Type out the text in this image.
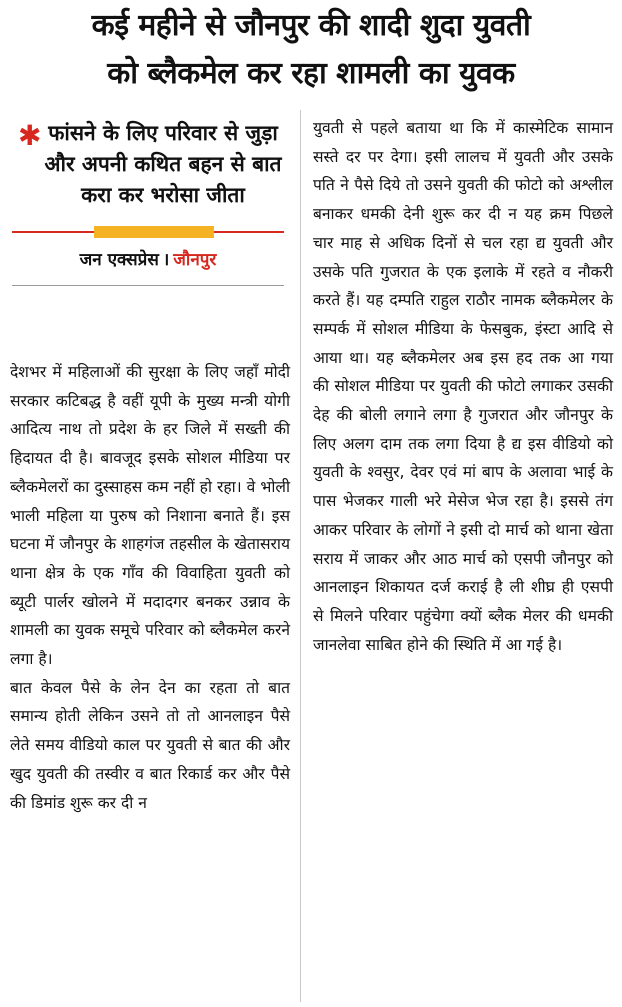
कई महीने से जौनपुर की शादी शुदा युवती
को ब्लैकमेल कर रहा शामली का युवक
✱ फांसने के लिए परिवार से जुड़ा और अपनी कथित बहन से बात करा कर भरोसा जीता
जन एक्सप्रेस । जौनपुर

देशभर में महिलाओं की सुरक्षा के लिए जहाँ मोदी सरकार कटिबद्ध है वहीं यूपी के मुख्य मन्त्री योगी आदित्य नाथ तो प्रदेश के हर जिले में सख्ती की हिदायत दी है। बावजूद इसके सोशल मीडिया पर ब्लैकमेलरों का दुस्साहस कम नहीं हो रहा। वे भोली भाली महिला या पुरुष को निशाना बनाते हैं। इस घटना में जौनपुर के शाहगंज तहसील के खेतासराय थाना क्षेत्र के एक गाँव की विवाहिता युवती को ब्यूटी पार्लर खोलने में मदादगर बनकर उन्नाव के शामली का युवक समूचे परिवार को ब्लैकमेल करने लगा है।

बात केवल पैसे के लेन देन का रहता तो बात समान्य होती लेकिन उसने तो तो आनलाइन पैसे लेते समय वीडियो काल पर युवती से बात की और खुद युवती की तस्वीर व बात रिकार्ड कर और पैसे की डिमांड शुरू कर दी न

युवती से पहले बताया था कि में कास्मेटिक सामान सस्ते दर पर देगा। इसी लालच में युवती और उसके पति ने पैसे दिये तो उसने युवती की फोटो को अश्लील बनाकर धमकी देनी शुरू कर दी न यह क्रम पिछले चार माह से अधिक दिनों से चल रहा द्य युवती और उसके पति गुजरात के एक इलाके में रहते व नौकरी करते हैं। यह दम्पति राहुल राठौर नामक ब्लैकमेलर के सम्पर्क में सोशल मीडिया के फेसबुक, इंस्टा आदि से आया था। यह ब्लैकमेलर अब इस हद तक आ गया की सोशल मीडिया पर युवती की फोटो लगाकर उसकी देह की बोली लगाने लगा है गुजरात और जौनपुर के लिए अलग दाम तक लगा दिया है द्य इस वीडियो को युवती के श्वसुर, देवर एवं मां बाप के अलावा भाई के पास भेजकर गाली भरे मेसेज भेज रहा है। इससे तंग आकर परिवार के लोगों ने इसी दो मार्च को थाना खेता सराय में जाकर और आठ मार्च को एसपी जौनपुर को आनलाइन शिकायत दर्ज कराई है ली शीघ्र ही एसपी से मिलने परिवार पहुंचेगा क्यों ब्लैक मेलर की धमकी जानलेवा साबित होने की स्थिति में आ गई है।
